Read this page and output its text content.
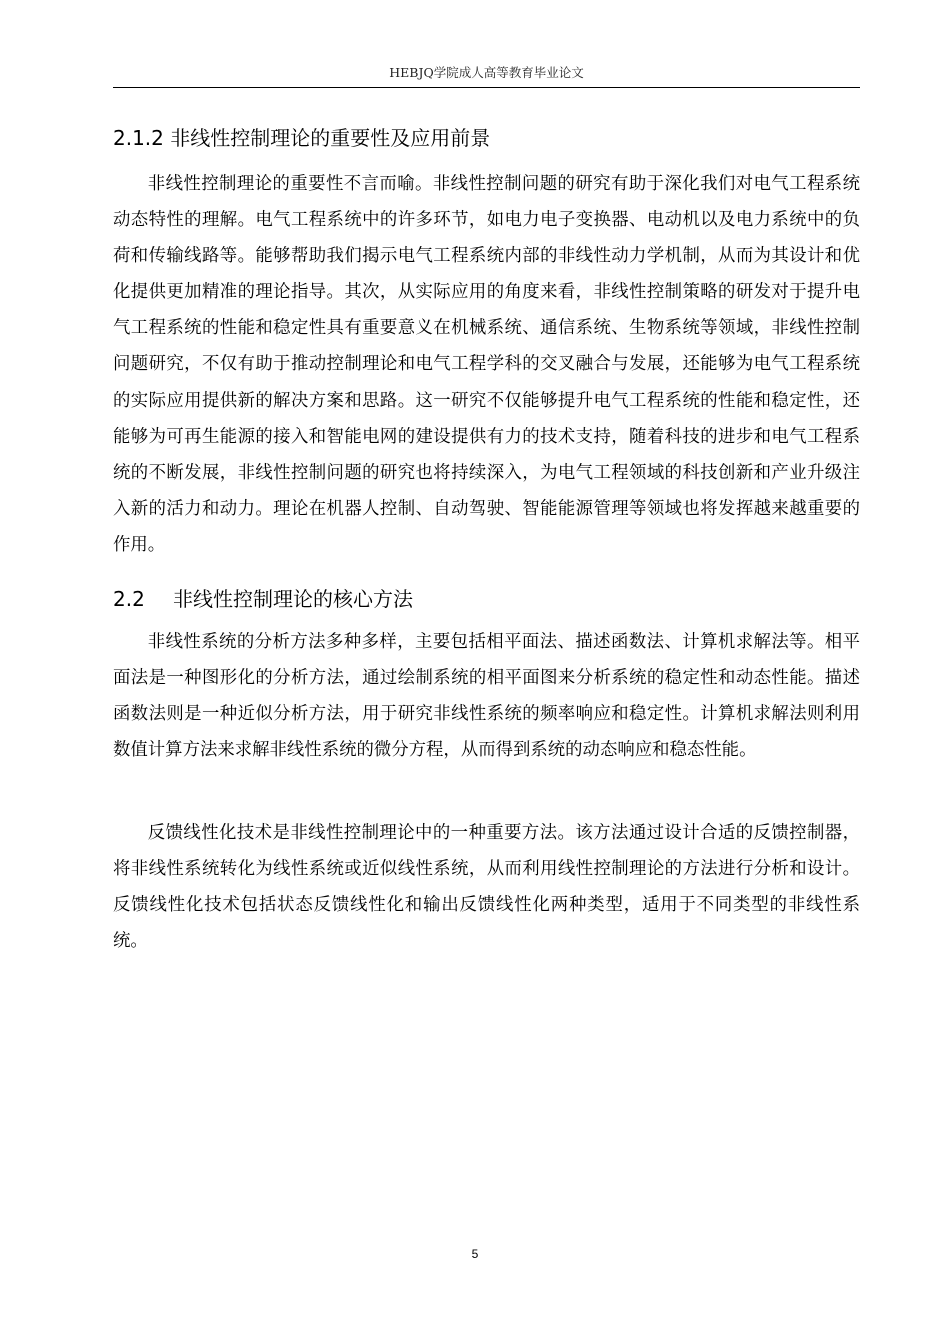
HEBJQ学院成人高等教育毕业论文
2.1.2 非线性控制理论的重要性及应用前景

非线性控制理论的重要性不言而喻。非线性控制问题的研究有助于深化我们对电气工程系统动态特性的理解。电气工程系统中的许多环节，如电力电子变换器、电动机以及电力系统中的负荷和传输线路等。能够帮助我们揭示电气工程系统内部的非线性动力学机制，从而为其设计和优化提供更加精准的理论指导。其次，从实际应用的角度来看，非线性控制策略的研发对于提升电气工程系统的性能和稳定性具有重要意义在机械系统、通信系统、生物系统等领域，非线性控制问题研究，不仅有助于推动控制理论和电气工程学科的交叉融合与发展，还能够为电气工程系统的实际应用提供新的解决方案和思路。这一研究不仅能够提升电气工程系统的性能和稳定性，还能够为可再生能源的接入和智能电网的建设提供有力的技术支持，随着科技的进步和电气工程系统的不断发展，非线性控制问题的研究也将持续深入，为电气工程领域的科技创新和产业升级注入新的活力和动力。理论在机器人控制、自动驾驶、智能能源管理等领域也将发挥越来越重要的作用。

2.2 非线性控制理论的核心方法

非线性系统的分析方法多种多样，主要包括相平面法、描述函数法、计算机求解法等。相平面法是一种图形化的分析方法，通过绘制系统的相平面图来分析系统的稳定性和动态性能。描述函数法则是一种近似分析方法，用于研究非线性系统的频率响应和稳定性。计算机求解法则利用数值计算方法来求解非线性系统的微分方程，从而得到系统的动态响应和稳态性能。

反馈线性化技术是非线性控制理论中的一种重要方法。该方法通过设计合适的反馈控制器，将非线性系统转化为线性系统或近似线性系统，从而利用线性控制理论的方法进行分析和设计。反馈线性化技术包括状态反馈线性化和输出反馈线性化两种类型，适用于不同类型的非线性系统。

5
